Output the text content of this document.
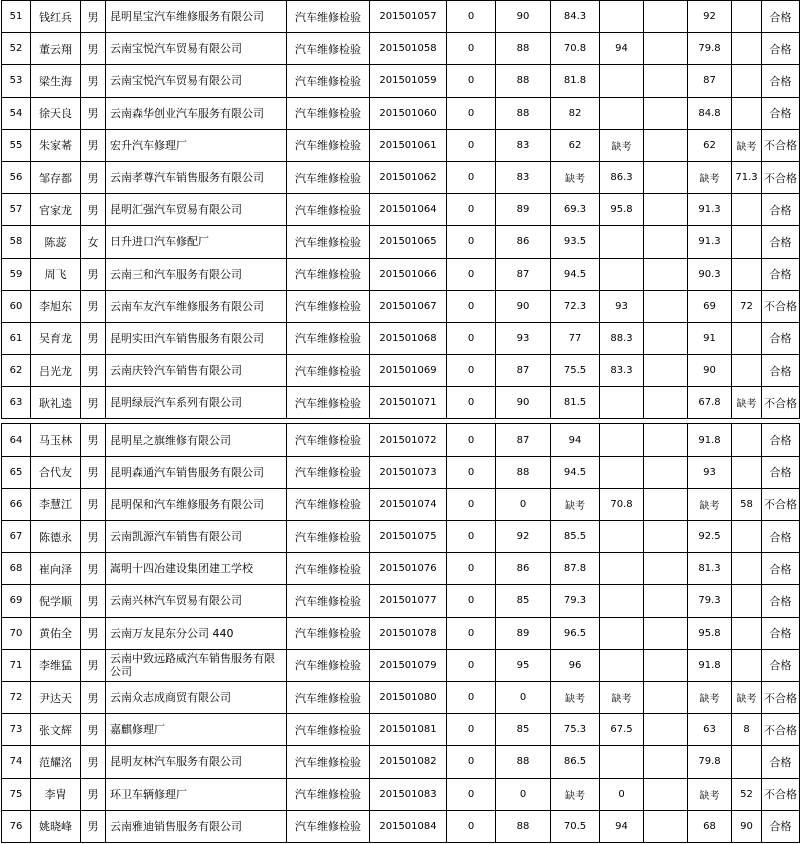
51	钱红兵	男	昆明星宝汽车维修服务有限公司	汽车维修检验	201501057	0	90	84.3			92		合格
52	董云翔	男	云南宝悦汽车贸易有限公司	汽车维修检验	201501058	0	88	70.8	94		79.8		合格
53	梁生海	男	云南宝悦汽车贸易有限公司	汽车维修检验	201501059	0	88	81.8			87		合格
54	徐天良	男	云南森华创业汽车服务有限公司	汽车维修检验	201501060	0	88	82			84.8		合格
55	朱家莃	男	宏升汽车修理厂	汽车维修检验	201501061	0	83	62	缺考		62	缺考	不合格
56	邹存都	男	云南孝尊汽车销售服务有限公司	汽车维修检验	201501062	0	83	缺考	86.3		缺考	71.3	不合格
57	官家龙	男	昆明汇强汽车贸易有限公司	汽车维修检验	201501064	0	89	69.3	95.8		91.3		合格
58	陈蕊	女	日升进口汽车修配厂	汽车维修检验	201501065	0	86	93.5			91.3		合格
59	周飞	男	云南三和汽车服务有限公司	汽车维修检验	201501066	0	87	94.5			90.3		合格
60	李旭东	男	云南车友汽车维修服务有限公司	汽车维修检验	201501067	0	90	72.3	93		69	72	不合格
61	吴育龙	男	昆明实田汽车销售服务有限公司	汽车维修检验	201501068	0	93	77	88.3		91		合格
62	吕光龙	男	云南庆铃汽车销售有限公司	汽车维修检验	201501069	0	87	75.5	83.3		90		合格
63	耿礼逵	男	昆明绿辰汽车系列有限公司	汽车维修检验	201501071	0	90	81.5			67.8	缺考	不合格

64	马玉林	男	昆明星之旗维修有限公司	汽车维修检验	201501072	0	87	94			91.8		合格
65	合代友	男	昆明森通汽车销售服务有限公司	汽车维修检验	201501073	0	88	94.5			93		合格
66	李慧江	男	昆明保和汽车维修服务有限公司	汽车维修检验	201501074	0	0	缺考	70.8		缺考	58	不合格
67	陈德永	男	云南凯源汽车销售有限公司	汽车维修检验	201501075	0	92	85.5			92.5		合格
68	崔向泽	男	嵩明十四冶建设集团建工学校	汽车维修检验	201501076	0	86	87.8			81.3		合格
69	倪学顺	男	云南兴林汽车贸易有限公司	汽车维修检验	201501077	0	85	79.3			79.3		合格
70	黄佑全	男	云南万友昆东分公司 440	汽车维修检验	201501078	0	89	96.5			95.8		合格
71	李维猛	男	云南中致远路威汽车销售服务有限公司	汽车维修检验	201501079	0	95	96			91.8		合格
72	尹达天	男	云南众志成商贸有限公司	汽车维修检验	201501080	0	0	缺考	缺考		缺考	缺考	不合格
73	张文辉	男	嘉麒修理厂	汽车维修检验	201501081	0	85	75.3	67.5		63	8	不合格
74	范耀洺	男	昆明友林汽车服务有限公司	汽车维修检验	201501082	0	88	86.5			79.8		合格
75	李胄	男	环卫车辆修理厂	汽车维修检验	201501083	0	0	缺考	0		缺考	52	不合格
76	姚晓峰	男	云南雅迪销售服务有限公司	汽车维修检验	201501084	0	88	70.5	94		68	90	合格
